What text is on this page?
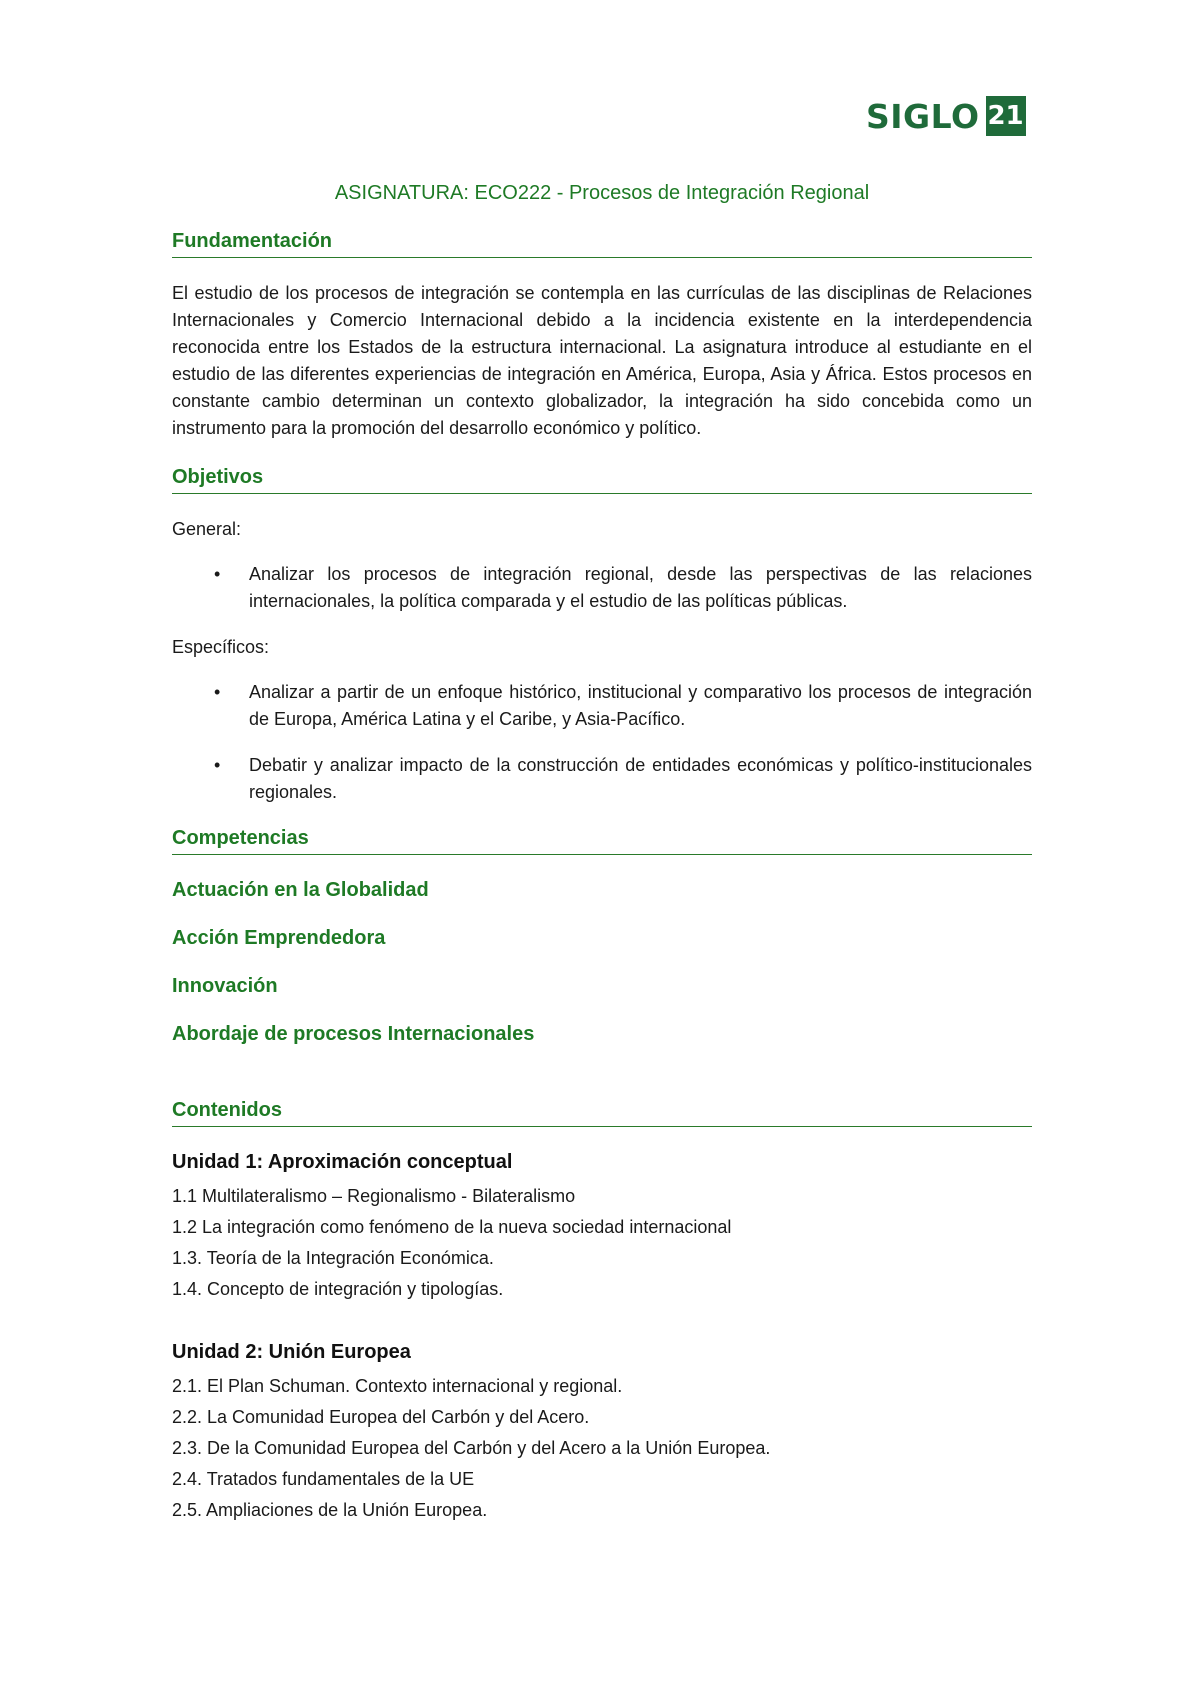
SIGLO 21
ASIGNATURA: ECO222 - Procesos de Integración Regional
Fundamentación

El estudio de los procesos de integración se contempla en las currículas de las disciplinas de Relaciones Internacionales y Comercio Internacional debido a la incidencia existente en la interdependencia reconocida entre los Estados de la estructura internacional. La asignatura introduce al estudiante en el estudio de las diferentes experiencias de integración en América, Europa, Asia y África. Estos procesos en constante cambio determinan un contexto globalizador, la integración ha sido concebida como un instrumento para la promoción del desarrollo económico y político.

Objetivos

General:

• Analizar los procesos de integración regional, desde las perspectivas de las relaciones internacionales, la política comparada y el estudio de las políticas públicas.

Específicos:

• Analizar a partir de un enfoque histórico, institucional y comparativo los procesos de integración de Europa, América Latina y el Caribe, y Asia-Pacífico.
• Debatir y analizar impacto de la construcción de entidades económicas y político-institucionales regionales.
Competencias
Actuación en la Globalidad
Acción Emprendedora
Innovación
Abordaje de procesos Internacionales
Contenidos
Unidad 1: Aproximación conceptual
1.1 Multilateralismo – Regionalismo - Bilateralismo
1.2 La integración como fenómeno de la nueva sociedad internacional
1.3. Teoría de la Integración Económica.
1.4. Concepto de integración y tipologías.
Unidad 2: Unión Europea
2.1. El Plan Schuman. Contexto internacional y regional.
2.2. La Comunidad Europea del Carbón y del Acero.
2.3. De la Comunidad Europea del Carbón y del Acero a la Unión Europea.
2.4. Tratados fundamentales de la UE
2.5. Ampliaciones de la Unión Europea.
